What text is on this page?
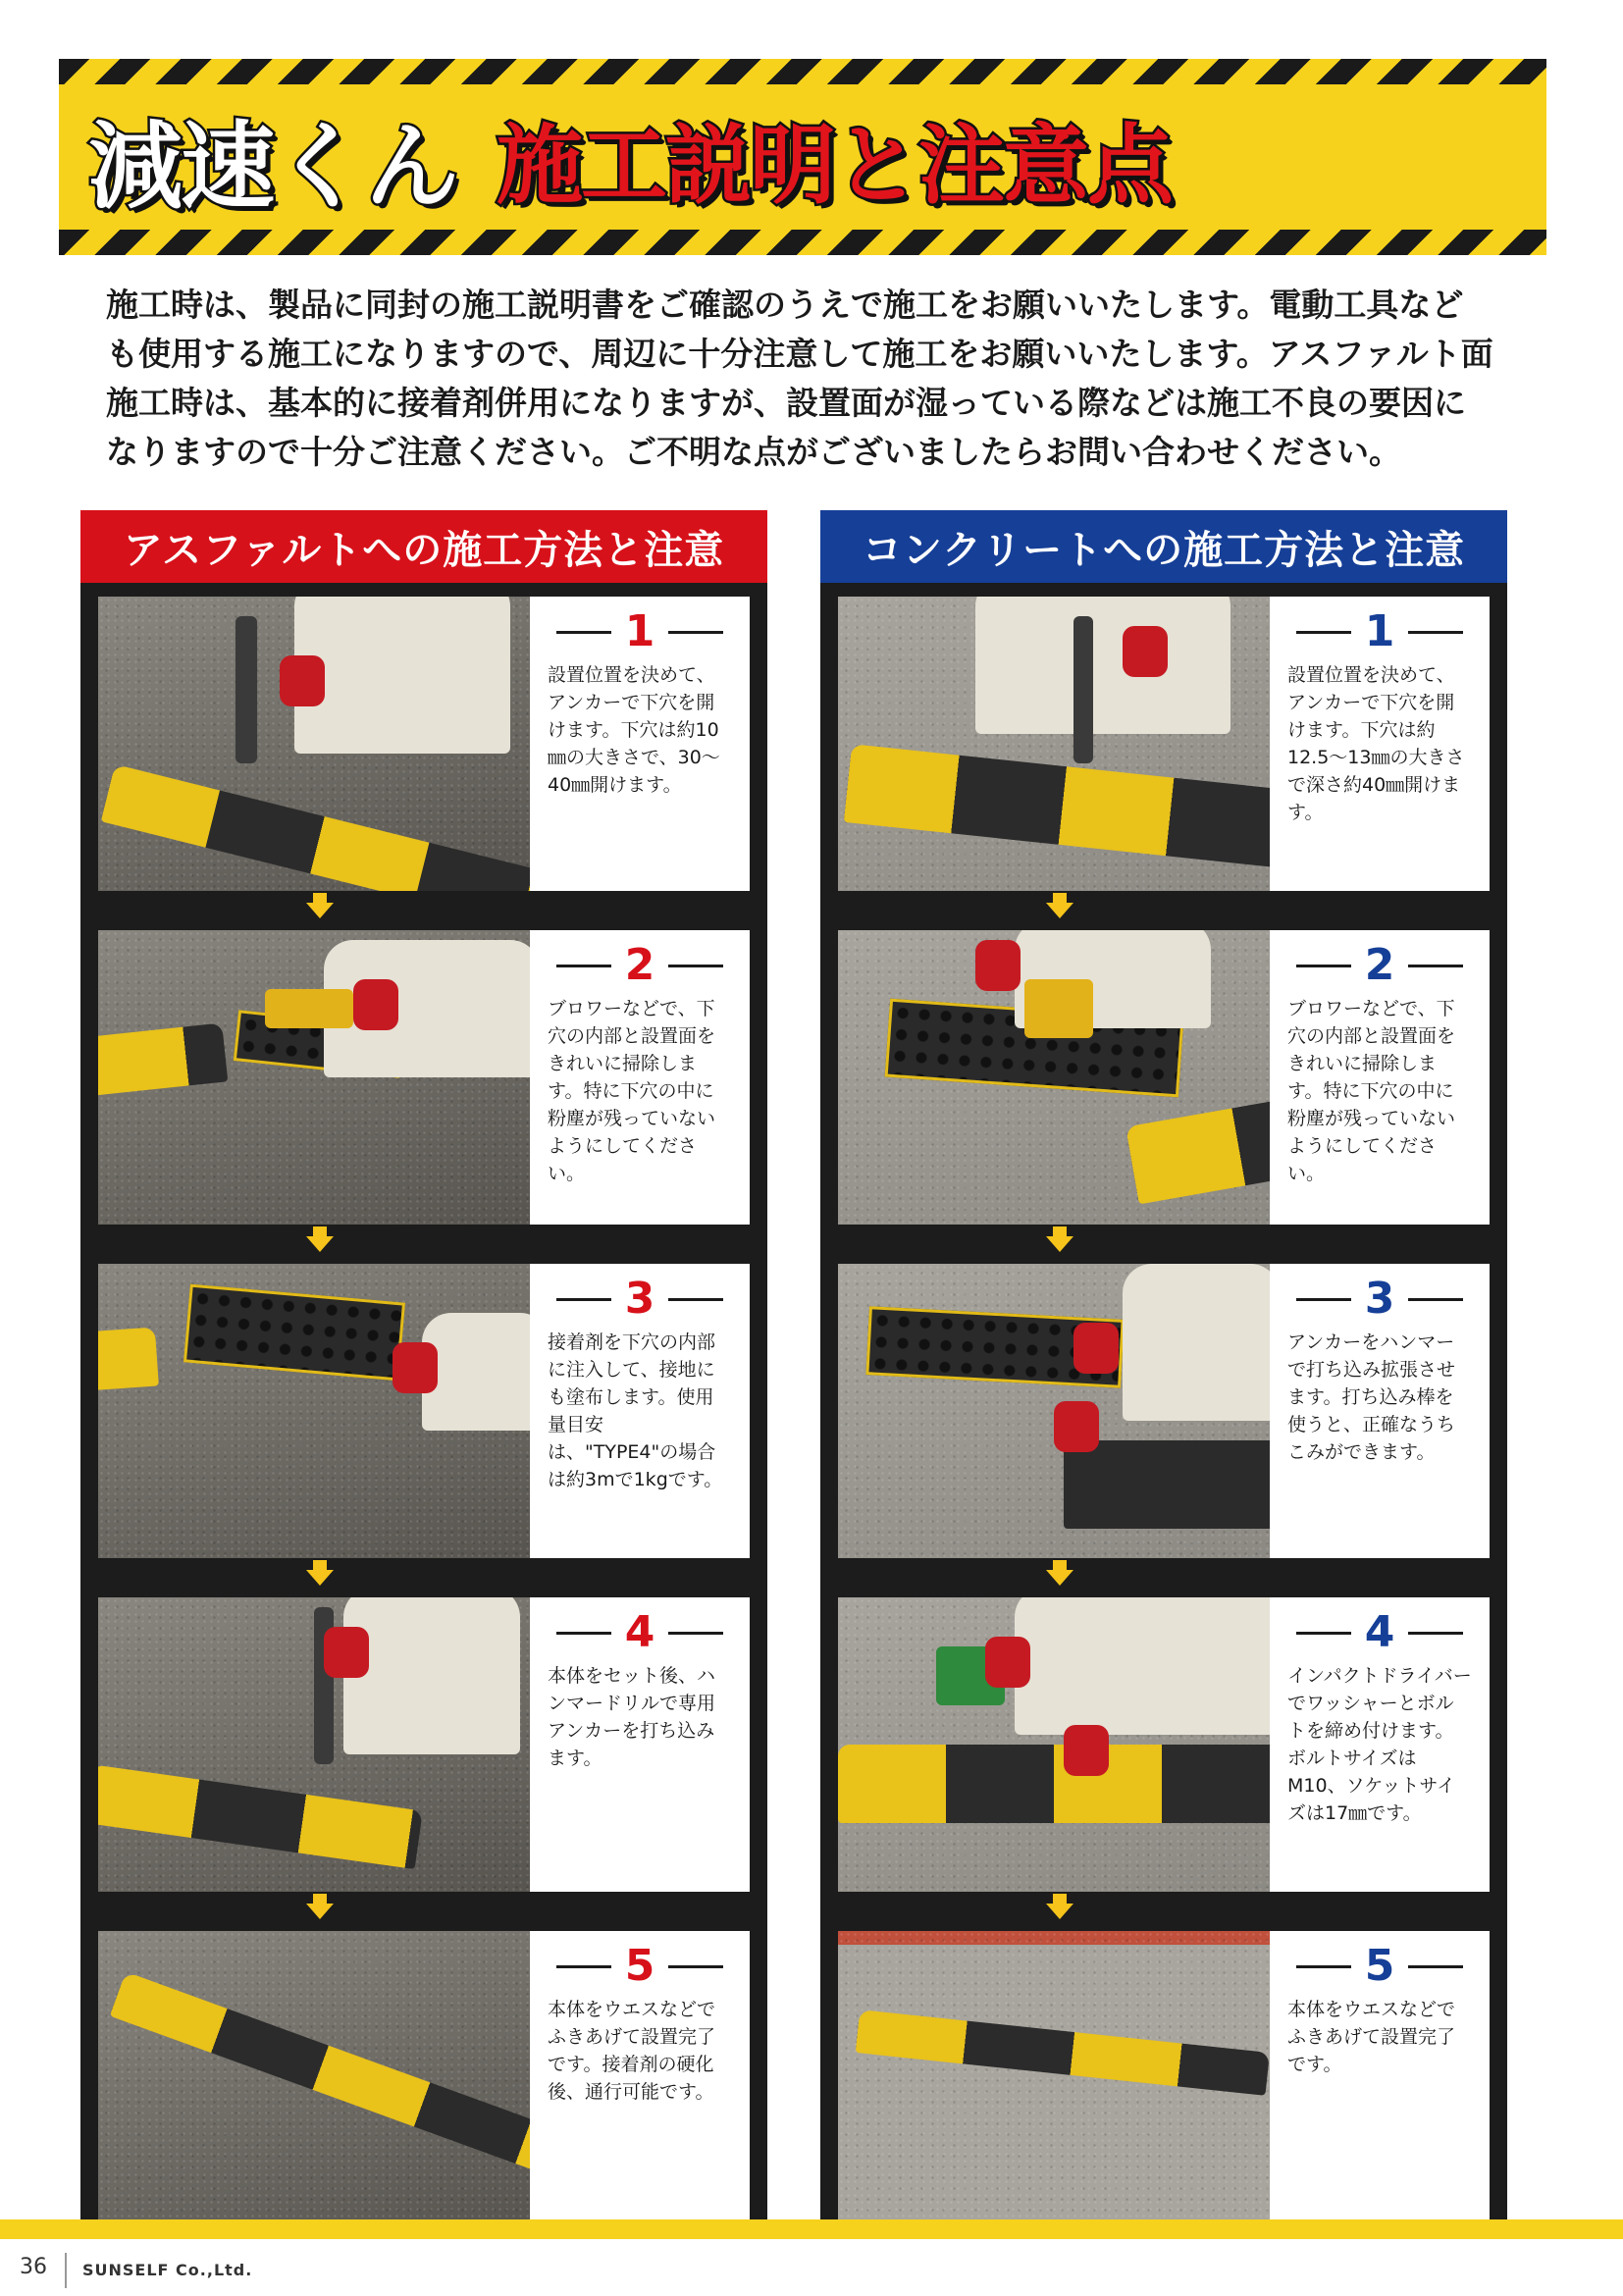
減速くん 施工説明と注意点
施工時は、製品に同封の施工説明書をご確認のうえで施工をお願いいたします。電動工具など
も使用する施工になりますので、周辺に十分注意して施工をお願いいたします。アスファルト面
施工時は、基本的に接着剤併用になりますが、設置面が湿っている際などは施工不良の要因に
なりますので十分ご注意ください。ご不明な点がございましたらお問い合わせください。
アスファルトへの施工方法と注意	コンクリートへの施工方法と注意
1
設置位置を決めて、アンカーで下穴を開けます。下穴は約10㎜の大きさで、30～40㎜開けます。
2
ブロワーなどで、下穴の内部と設置面をきれいに掃除します。特に下穴の中に粉塵が残っていないようにしてください。
3
接着剤を下穴の内部に注入して、接地にも塗布します。使用量目安は、"TYPE4"の場合は約3mで1kgです。
4
本体をセット後、ハンマードリルで専用アンカーを打ち込みます。
5
本体をウエスなどでふきあげて設置完了です。接着剤の硬化後、通行可能です。
1
設置位置を決めて、アンカーで下穴を開けます。下穴は約12.5～13㎜の大きさで深さ約40㎜開けます。
2
ブロワーなどで、下穴の内部と設置面をきれいに掃除します。特に下穴の中に粉塵が残っていないようにしてください。
3
アンカーをハンマーで打ち込み拡張させます。打ち込み棒を使うと、正確なうちこみができます。
4
インパクトドライバーでワッシャーとボルトを締め付けます。ボルトサイズはM10、ソケットサイズは17㎜です。
5
本体をウエスなどでふきあげて設置完了です。
36 SUNSELF Co.,Ltd.
